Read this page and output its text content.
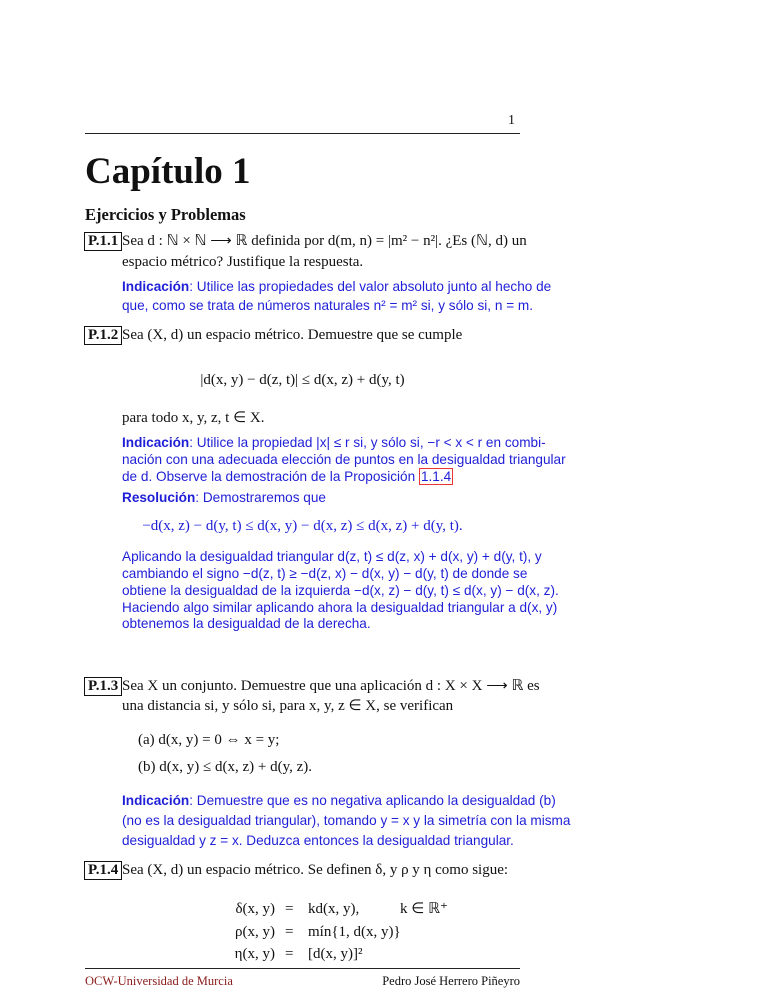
1
Capítulo 1
Ejercicios y Problemas
P.1.1 Sea d : ℕ × ℕ ⟶ ℝ definida por d(m, n) = |m² − n²|. ¿Es (ℕ, d) un
espacio métrico? Justifique la respuesta.
Indicación: Utilice las propiedades del valor absoluto junto al hecho de
que, como se trata de números naturales n² = m² si, y sólo si, n = m.
P.1.2 Sea (X, d) un espacio métrico. Demuestre que se cumple
|d(x, y) − d(z, t)| ≤ d(x, z) + d(y, t)
para todo x, y, z, t ∈ X.
Indicación: Utilice la propiedad |x| ≤ r si, y sólo si, −r < x < r en combi-
nación con una adecuada elección de puntos en la desigualdad triangular
de d. Observe la demostración de la Proposición 1.1.4
Resolución: Demostraremos que
−d(x, z) − d(y, t) ≤ d(x, y) − d(x, z) ≤ d(x, z) + d(y, t).
Aplicando la desigualdad triangular d(z, t) ≤ d(z, x) + d(x, y) + d(y, t), y
cambiando el signo −d(z, t) ≥ −d(z, x) − d(x, y) − d(y, t) de donde se
obtiene la desigualdad de la izquierda −d(x, z) − d(y, t) ≤ d(x, y) − d(x, z).
Haciendo algo similar aplicando ahora la desigualdad triangular a d(x, y)
obtenemos la desigualdad de la derecha.
P.1.3 Sea X un conjunto. Demuestre que una aplicación d : X × X ⟶ ℝ es
una distancia si, y sólo si, para x, y, z ∈ X, se verifican
(a) d(x, y) = 0 ⇔ x = y;
(b) d(x, y) ≤ d(x, z) + d(y, z).
Indicación: Demuestre que es no negativa aplicando la desigualdad (b)
(no es la desigualdad triangular), tomando y = x y la simetría con la misma
desigualdad y z = x. Deduzca entonces la desigualdad triangular.
P.1.4 Sea (X, d) un espacio métrico. Se definen δ, y ρ y η como sigue:
δ(x, y) = kd(x, y),	k ∈ ℝ⁺
ρ(x, y) = mín{1, d(x, y)}
η(x, y) = [d(x, y)]²
OCW-Universidad de Murcia	Pedro José Herrero Piñeyro
